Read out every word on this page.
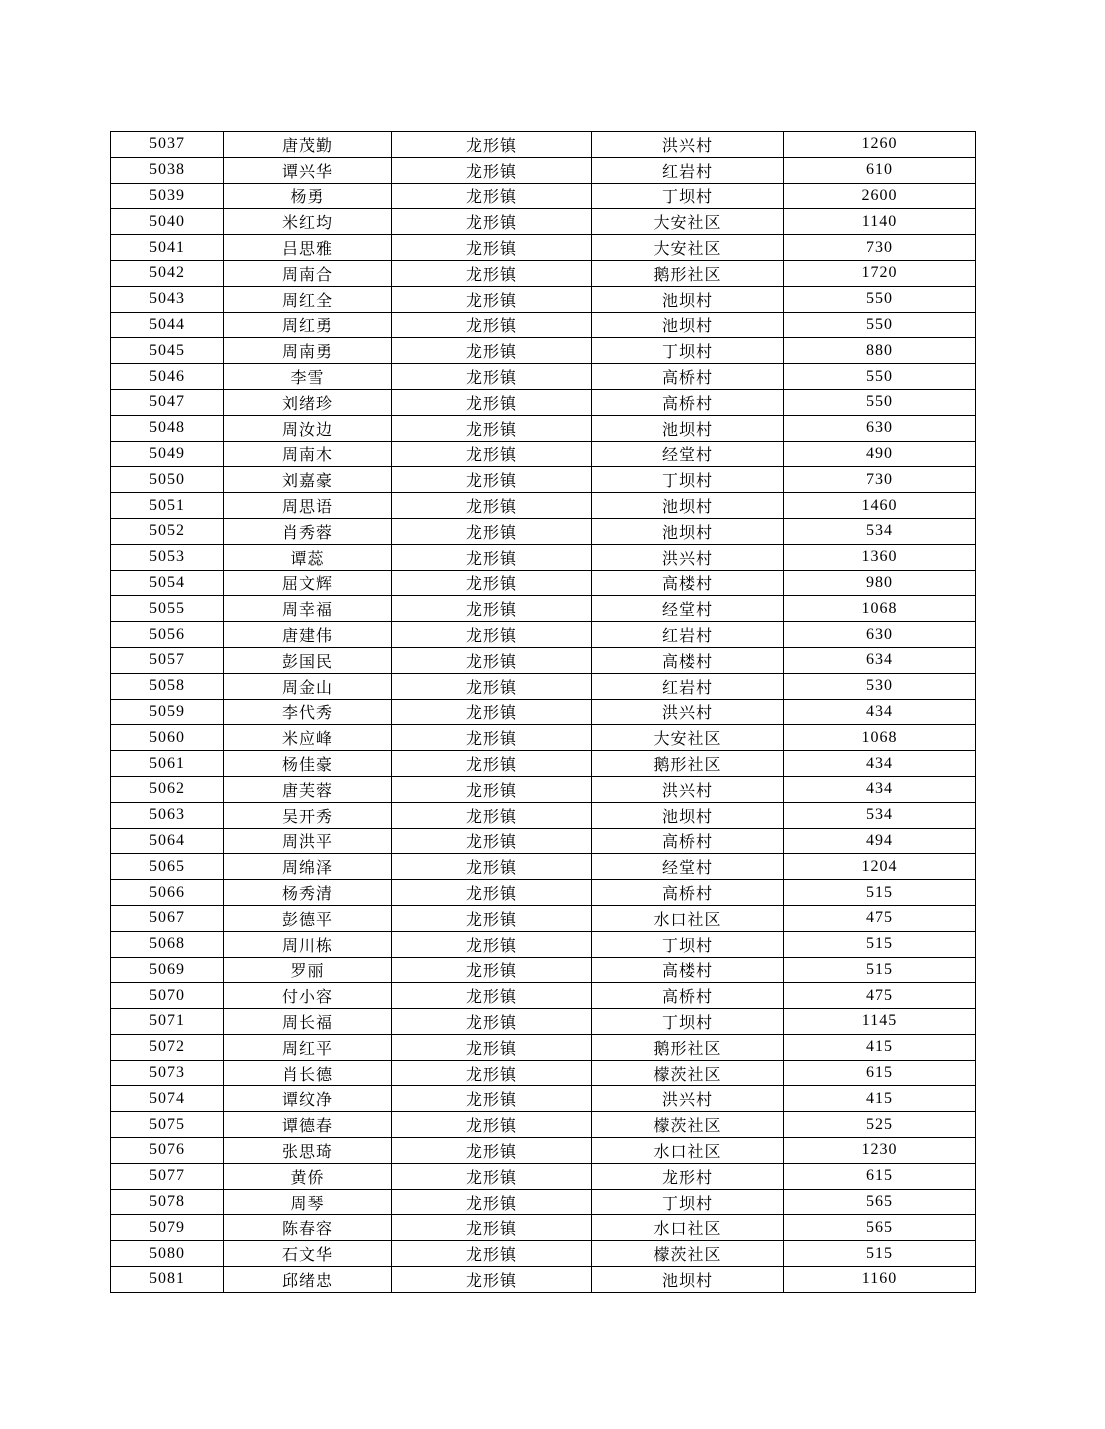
5037	唐茂勤	龙形镇	洪兴村	1260
5038	谭兴华	龙形镇	红岩村	610
5039	杨勇	龙形镇	丁坝村	2600
5040	米红均	龙形镇	大安社区	1140
5041	吕思雅	龙形镇	大安社区	730
5042	周南合	龙形镇	鹅形社区	1720
5043	周红全	龙形镇	池坝村	550
5044	周红勇	龙形镇	池坝村	550
5045	周南勇	龙形镇	丁坝村	880
5046	李雪	龙形镇	高桥村	550
5047	刘绪珍	龙形镇	高桥村	550
5048	周汝边	龙形镇	池坝村	630
5049	周南木	龙形镇	经堂村	490
5050	刘嘉豪	龙形镇	丁坝村	730
5051	周思语	龙形镇	池坝村	1460
5052	肖秀蓉	龙形镇	池坝村	534
5053	谭蕊	龙形镇	洪兴村	1360
5054	屈文辉	龙形镇	高楼村	980
5055	周幸福	龙形镇	经堂村	1068
5056	唐建伟	龙形镇	红岩村	630
5057	彭国民	龙形镇	高楼村	634
5058	周金山	龙形镇	红岩村	530
5059	李代秀	龙形镇	洪兴村	434
5060	米应峰	龙形镇	大安社区	1068
5061	杨佳豪	龙形镇	鹅形社区	434
5062	唐芙蓉	龙形镇	洪兴村	434
5063	吴开秀	龙形镇	池坝村	534
5064	周洪平	龙形镇	高桥村	494
5065	周绵泽	龙形镇	经堂村	1204
5066	杨秀清	龙形镇	高桥村	515
5067	彭德平	龙形镇	水口社区	475
5068	周川栋	龙形镇	丁坝村	515
5069	罗丽	龙形镇	高楼村	515
5070	付小容	龙形镇	高桥村	475
5071	周长福	龙形镇	丁坝村	1145
5072	周红平	龙形镇	鹅形社区	415
5073	肖长德	龙形镇	檬茨社区	615
5074	谭纹净	龙形镇	洪兴村	415
5075	谭德春	龙形镇	檬茨社区	525
5076	张思琦	龙形镇	水口社区	1230
5077	黄侨	龙形镇	龙形村	615
5078	周琴	龙形镇	丁坝村	565
5079	陈春容	龙形镇	水口社区	565
5080	石文华	龙形镇	檬茨社区	515
5081	邱绪忠	龙形镇	池坝村	1160
